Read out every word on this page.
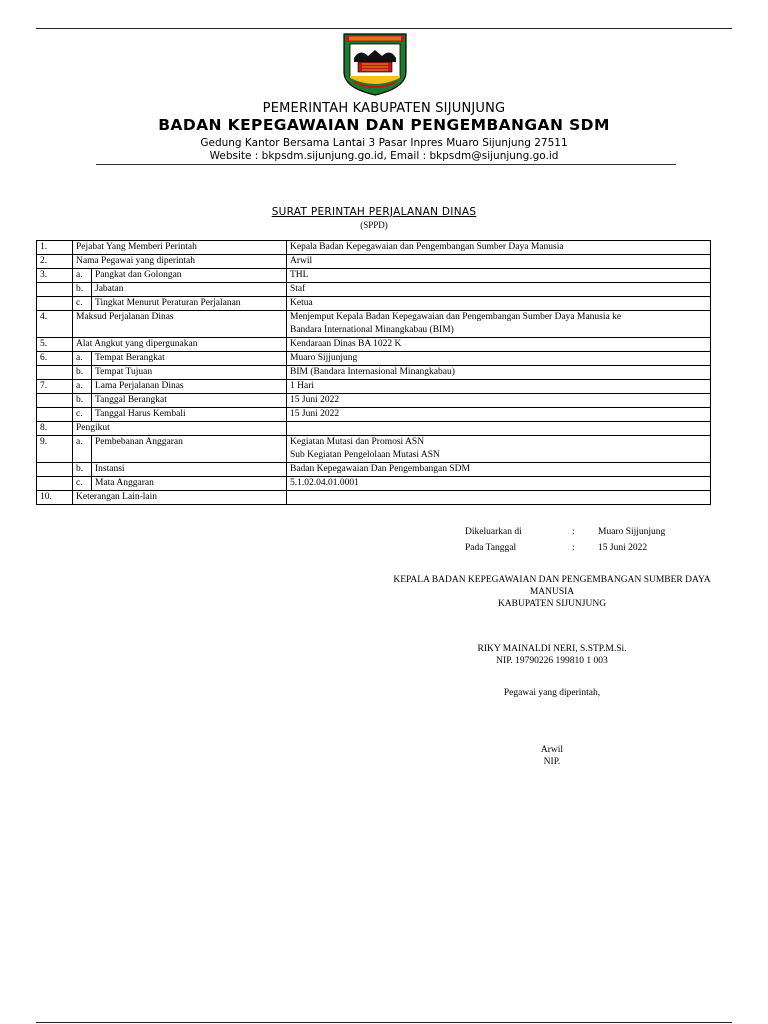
PEMERINTAH KABUPATEN SIJUNJUNG
BADAN KEPEGAWAIAN DAN PENGEMBANGAN SDM
Gedung Kantor Bersama Lantai 3 Pasar Inpres Muaro Sijunjung 27511
Website : bkpsdm.sijunjung.go.id, Email : bkpsdm@sijunjung.go.id
SURAT PERINTAH PERJALANAN DINAS
(SPPD)
1.	Pejabat Yang Memberi Perintah		Kepala Badan Kepegawaian dan Pengembangan Sumber Daya Manusia

2.	Nama Pegawai yang diperintah		Arwil

3.	a.	Pangkat dan Golongan	THL

	b.	Jabatan	Staf

	c.	Tingkat Menurut Peraturan Perjalanan	Ketua

4.	Maksud Perjalanan Dinas		Menjemput Kepala Badan Kepegawaian dan Pengembangan Sumber Daya Manusia ke
Bandara International Minangkabau (BIM)

5.	Alat Angkut yang dipergunakan		Kendaraan Dinas BA 1022 K

6.	a.	Tempat Berangkat	Muaro Sijjunjung

	b.	Tempat Tujuan	BIM (Bandara Internasional Minangkabau)

7.	a.	Lama Perjalanan Dinas	1 Hari

	b.	Tanggal Berangkat	15 Juni 2022

	c.	Tanggal Harus Kembali	15 Juni 2022

8.	Pengikut		

9.	a.	Pembebanan Anggaran	Kegiatan Mutasi dan Promosi ASN
Sub Kegiatan Pengelolaan Mutasi ASN

	b.	Instansi	Badan Kepegawaian Dan Pengembangan SDM

	c.	Mata Anggaran	5.1.02.04.01.0001

10.	Keterangan Lain-lain		

Dikeluarkan di	: Muaro Sijjunjung
Pada Tanggal	: 15 Juni 2022
KEPALA BADAN KEPEGAWAIAN DAN PENGEMBANGAN SUMBER DAYA
MANUSIA
KABUPATEN SIJUNJUNG
RIKY MAINALDI NERI, S.STP.M.Si.
NIP. 19790226 199810 1 003
Pegawai yang diperintah,
Arwil
NIP.
